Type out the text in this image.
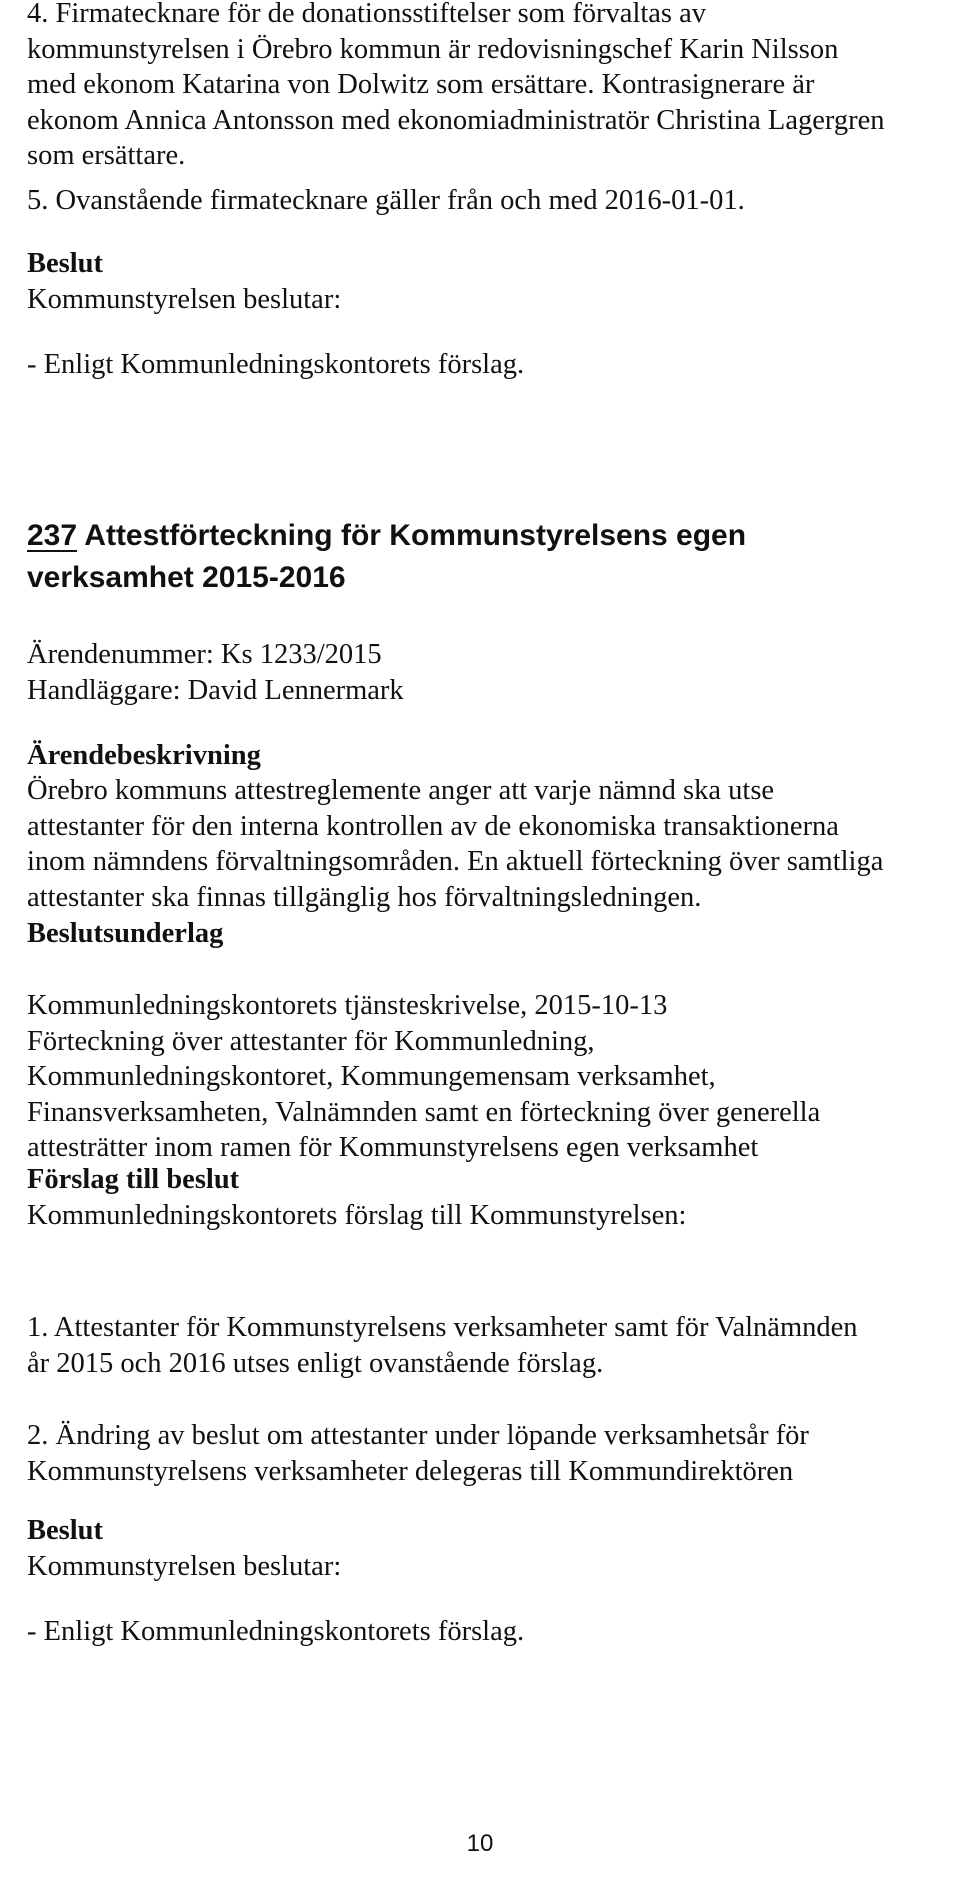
4. Firmatecknare för de donationsstiftelser som förvaltas av

kommunstyrelsen i Örebro kommun är redovisningschef Karin Nilsson

med ekonom Katarina von Dolwitz som ersättare. Kontrasignerare är

ekonom Annica Antonsson med ekonomiadministratör Christina Lagergren

som ersättare.

5. Ovanstående firmatecknare gäller från och med 2016-01-01.

Beslut

Kommunstyrelsen beslutar:

- Enligt Kommunledningskontorets förslag.

237 Attestförteckning för Kommunstyrelsens egen
verksamhet 2015-2016

Ärendenummer: Ks 1233/2015

Handläggare: David Lennermark

Ärendebeskrivning

Örebro kommuns attestreglemente anger att varje nämnd ska utse

attestanter för den interna kontrollen av de ekonomiska transaktionerna

inom nämndens förvaltningsområden. En aktuell förteckning över samtliga

attestanter ska finnas tillgänglig hos förvaltningsledningen.

Beslutsunderlag

Kommunledningskontorets tjänsteskrivelse, 2015-10-13

Förteckning över attestanter för Kommunledning,

Kommunledningskontoret, Kommungemensam verksamhet,

Finansverksamheten, Valnämnden samt en förteckning över generella

attesträtter inom ramen för Kommunstyrelsens egen verksamhet

Förslag till beslut

Kommunledningskontorets förslag till Kommunstyrelsen:

1. Attestanter för Kommunstyrelsens verksamheter samt för Valnämnden

år 2015 och 2016 utses enligt ovanstående förslag.

2. Ändring av beslut om attestanter under löpande verksamhetsår för

Kommunstyrelsens verksamheter delegeras till Kommundirektören

Beslut

Kommunstyrelsen beslutar:

- Enligt Kommunledningskontorets förslag.

10
